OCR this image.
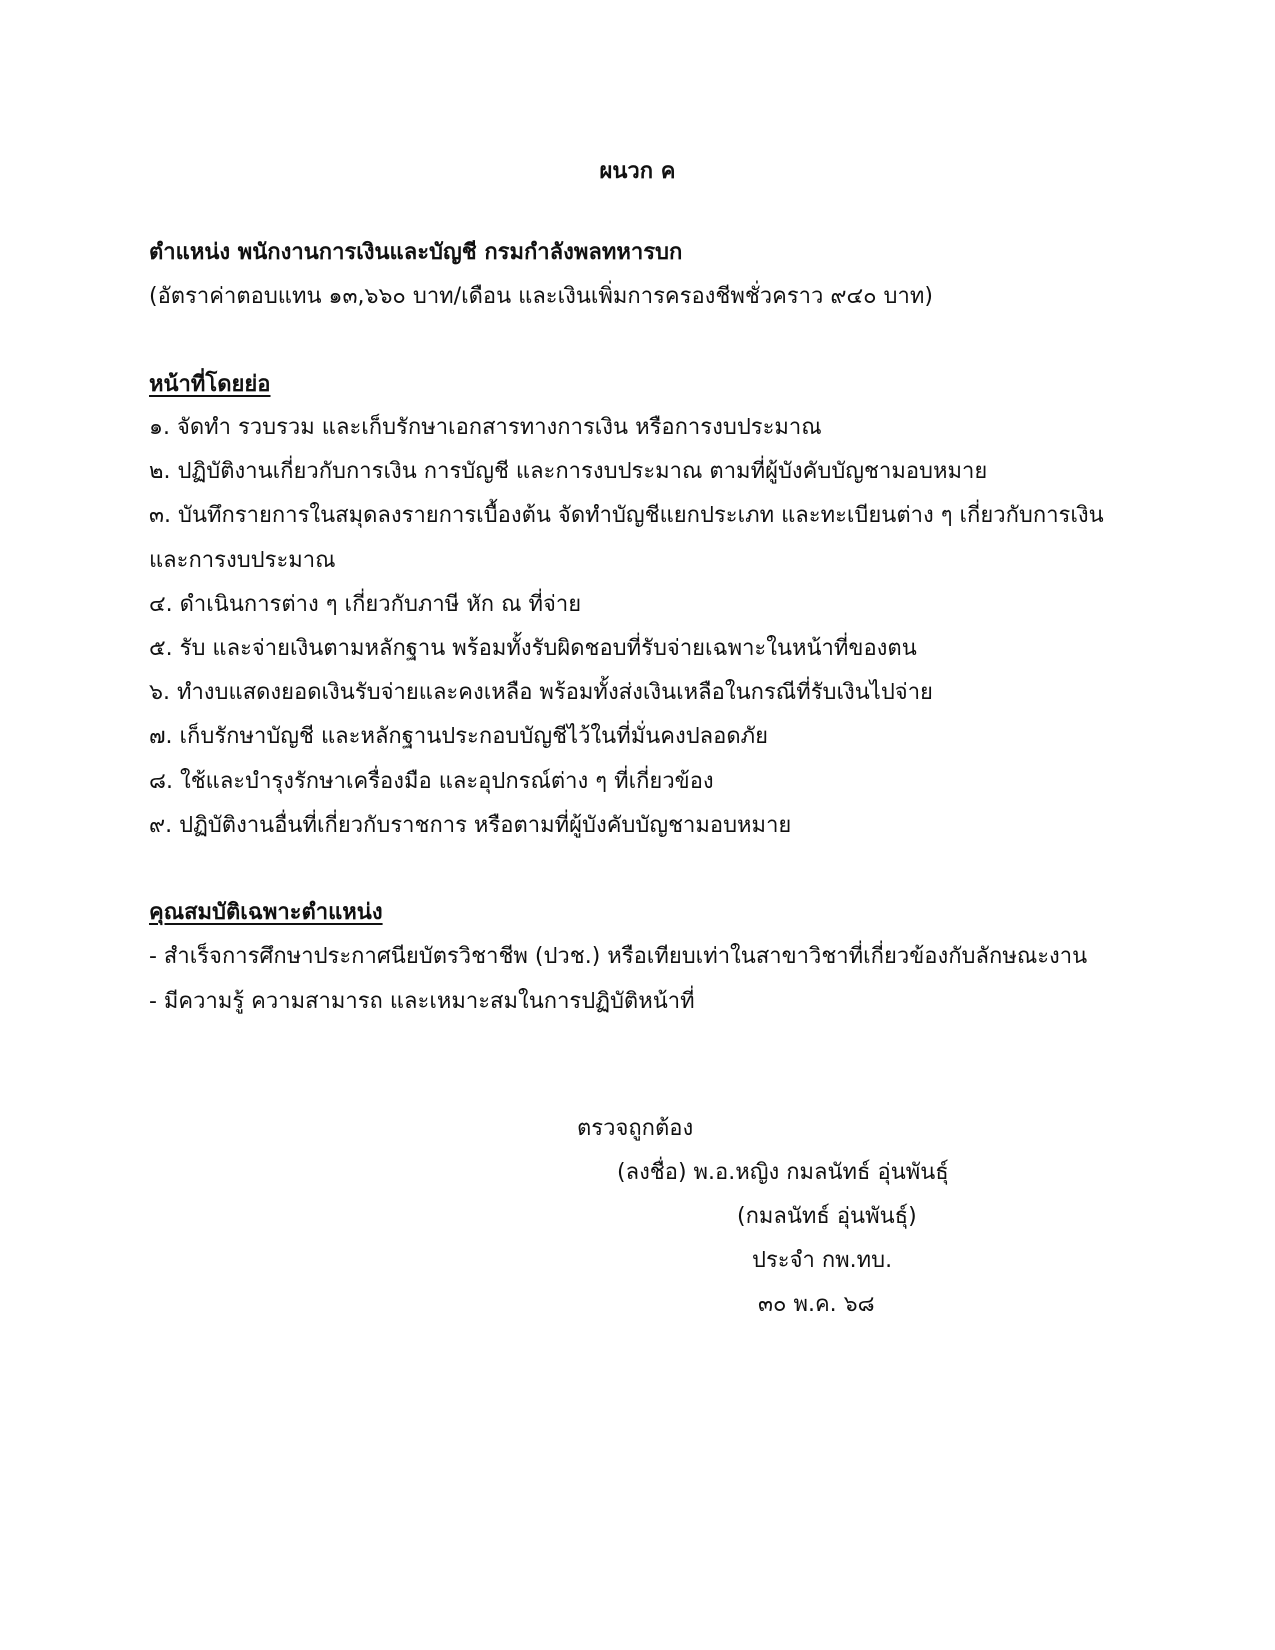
ผนวก ค
ตำแหน่ง พนักงานการเงินและบัญชี กรมกำลังพลทหารบก
(อัตราค่าตอบแทน ๑๓,๖๖๐ บาท/เดือน และเงินเพิ่มการครองชีพชั่วคราว ๙๔๐ บาท)
หน้าที่โดยย่อ
๑. จัดทำ รวบรวม และเก็บรักษาเอกสารทางการเงิน หรือการงบประมาณ
๒. ปฏิบัติงานเกี่ยวกับการเงิน การบัญชี และการงบประมาณ ตามที่ผู้บังคับบัญชามอบหมาย
๓. บันทึกรายการในสมุดลงรายการเบื้องต้น จัดทำบัญชีแยกประเภท และทะเบียนต่าง ๆ เกี่ยวกับการเงิน
และการงบประมาณ
๔. ดำเนินการต่าง ๆ เกี่ยวกับภาษี หัก ณ ที่จ่าย
๕. รับ และจ่ายเงินตามหลักฐาน พร้อมทั้งรับผิดชอบที่รับจ่ายเฉพาะในหน้าที่ของตน
๖. ทำงบแสดงยอดเงินรับจ่ายและคงเหลือ พร้อมทั้งส่งเงินเหลือในกรณีที่รับเงินไปจ่าย
๗. เก็บรักษาบัญชี และหลักฐานประกอบบัญชีไว้ในที่มั่นคงปลอดภัย
๘. ใช้และบำรุงรักษาเครื่องมือ และอุปกรณ์ต่าง ๆ ที่เกี่ยวข้อง
๙. ปฏิบัติงานอื่นที่เกี่ยวกับราชการ หรือตามที่ผู้บังคับบัญชามอบหมาย
คุณสมบัติเฉพาะตำแหน่ง
- สำเร็จการศึกษาประกาศนียบัตรวิชาชีพ (ปวช.) หรือเทียบเท่าในสาขาวิชาที่เกี่ยวข้องกับลักษณะงาน
- มีความรู้ ความสามารถ และเหมาะสมในการปฏิบัติหน้าที่
ตรวจถูกต้อง
(ลงชื่อ) พ.อ.หญิง กมลนัทธ์ อุ่นพันธุ์
(กมลนัทธ์ อุ่นพันธุ์)
ประจำ กพ.ทบ.
๓๐ พ.ค. ๖๘
